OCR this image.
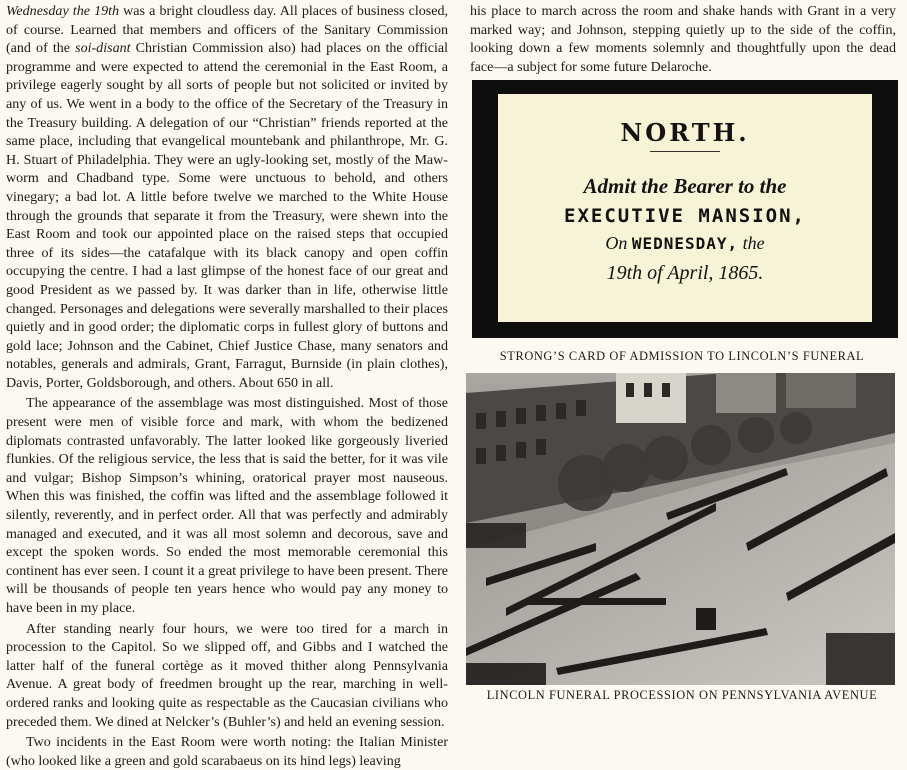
Wednesday the 19th was a bright cloudless day. All places of business closed, of course. Learned that members and officers of the Sanitary Commission (and of the soi-disant Christian Commission also) had places on the official programme and were expected to attend the ceremonial in the East Room, a privilege eagerly sought by all sorts of people but not solicited or invited by any of us. We went in a body to the office of the Secretary of the Treasury in the Treasury building. A delegation of our “Christian” friends reported at the same place, including that evangelical mountebank and philanthrope, Mr. G. H. Stuart of Philadelphia. They were an ugly-looking set, mostly of the Maw-worm and Chadband type. Some were unctuous to behold, and others vinegary; a bad lot. A little before twelve we marched to the White House through the grounds that separate it from the Treasury, were shewn into the East Room and took our appointed place on the raised steps that occupied three of its sides—the catafalque with its black canopy and open coffin occupying the centre. I had a last glimpse of the honest face of our great and good President as we passed by. It was darker than in life, otherwise little changed. Personages and delegations were severally marshalled to their places quietly and in good order; the diplomatic corps in fullest glory of buttons and gold lace; Johnson and the Cabinet, Chief Justice Chase, many senators and notables, generals and admirals, Grant, Farragut, Burnside (in plain clothes), Davis, Porter, Goldsborough, and others. About 650 in all.

The appearance of the assemblage was most distinguished. Most of those present were men of visible force and mark, with whom the bedizened diplomats contrasted unfavorably. The latter looked like gorgeously liveried flunkies. Of the religious service, the less that is said the better, for it was vile and vulgar; Bishop Simpson’s whining, oratorical prayer most nauseous. When this was finished, the coffin was lifted and the assemblage followed it silently, reverently, and in perfect order. All that was perfectly and admirably managed and executed, and it was all most solemn and decorous, save and except the spoken words. So ended the most memorable ceremonial this continent has ever seen. I count it a great privilege to have been present. There will be thousands of people ten years hence who would pay any money to have been in my place.

After standing nearly four hours, we were too tired for a march in procession to the Capitol. So we slipped off, and Gibbs and I watched the latter half of the funeral cortège as it moved thither along Pennsylvania Avenue. A great body of freedmen brought up the rear, marching in well-ordered ranks and looking quite as respectable as the Caucasian civilians who preceded them. We dined at Nelcker’s (Buhler’s) and held an evening session.

Two incidents in the East Room were worth noting: the Italian Minister (who looked like a green and gold scarabaeus on its hind legs) leaving

his place to march across the room and shake hands with Grant in a very marked way; and Johnson, stepping quietly up to the side of the coffin, looking down a few moments solemnly and thoughtfully upon the dead face—a subject for some future Delaroche.

NORTH.
Admit the Bearer to the
EXECUTIVE MANSION,
On WEDNESDAY, the
19th of April, 1865.
STRONG’S CARD OF ADMISSION TO LINCOLN’S FUNERAL
LINCOLN FUNERAL PROCESSION ON PENNSYLVANIA AVENUE
